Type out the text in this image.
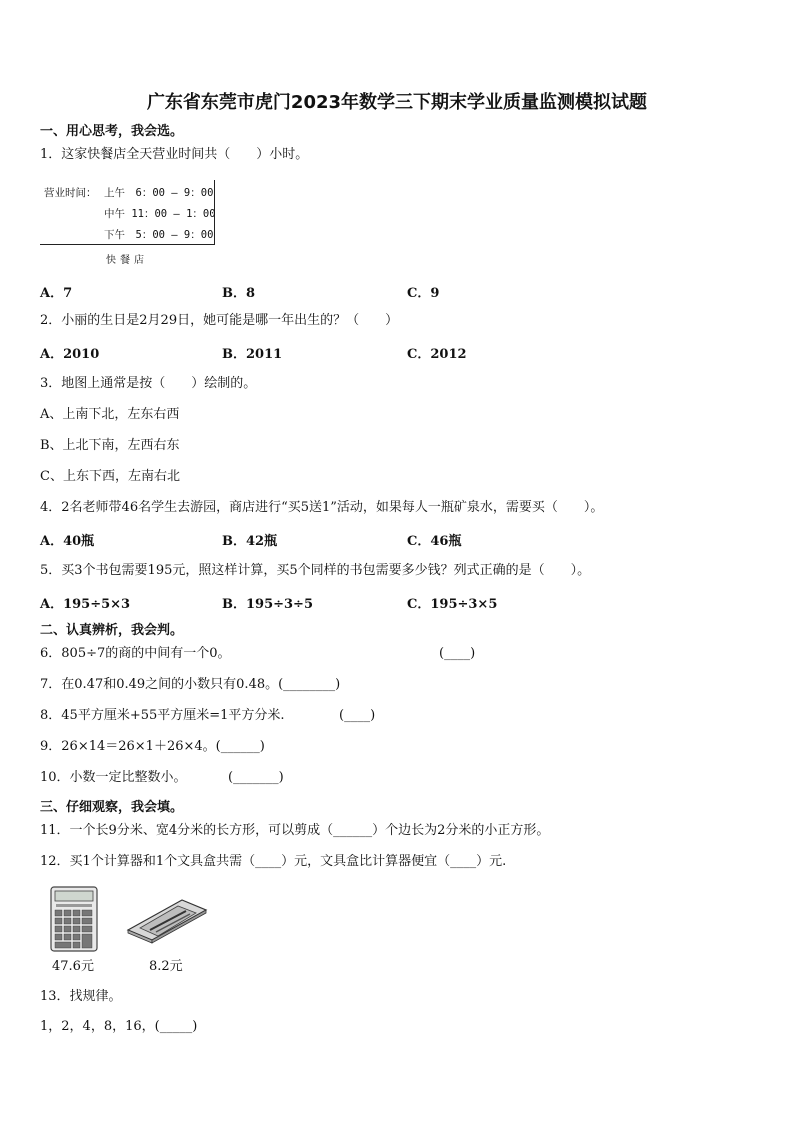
广东省东莞市虎门2023年数学三下期末学业质量监测模拟试题
一、用心思考，我会选。
1．这家快餐店全天营业时间共（　　）小时。
营业时间： 上午　6：00 — 9：00
中午 11：00 — 1：00
下午　5：00 — 9：00
快餐店
A．7	B．8	C．9
2．小丽的生日是2月29日，她可能是哪一年出生的？（　　）
A．2010	B．2011	C．2012
3．地图上通常是按（　　）绘制的。
A、上南下北，左东右西
B、上北下南，左西右东
C、上东下西，左南右北
4．2名老师带46名学生去游园，商店进行“买5送1”活动，如果每人一瓶矿泉水，需要买（　　）。
A．40瓶	B．42瓶	C．46瓶
5．买3个书包需要195元，照这样计算，买5个同样的书包需要多少钱？列式正确的是（　　）。
A．195÷5×3	B．195÷3÷5	C．195÷3×5
二、认真辨析，我会判。
6．805÷7的商的中间有一个0。	(____)
7．在0.47和0.49之间的小数只有0.48。(________)
8．45平方厘米+55平方厘米=1平方分米.	(____)
9．26×14＝26×1＋26×4。(______)
10．小数一定比整数小。	(_______)
三、仔细观察，我会填。
11．一个长9分米、宽4分米的长方形，可以剪成（______）个边长为2分米的小正方形。
12．买1个计算器和1个文具盒共需（____）元，文具盒比计算器便宜（____）元.
47.6元	8.2元
13．找规律。
1，2，4，8，16，(_____)
